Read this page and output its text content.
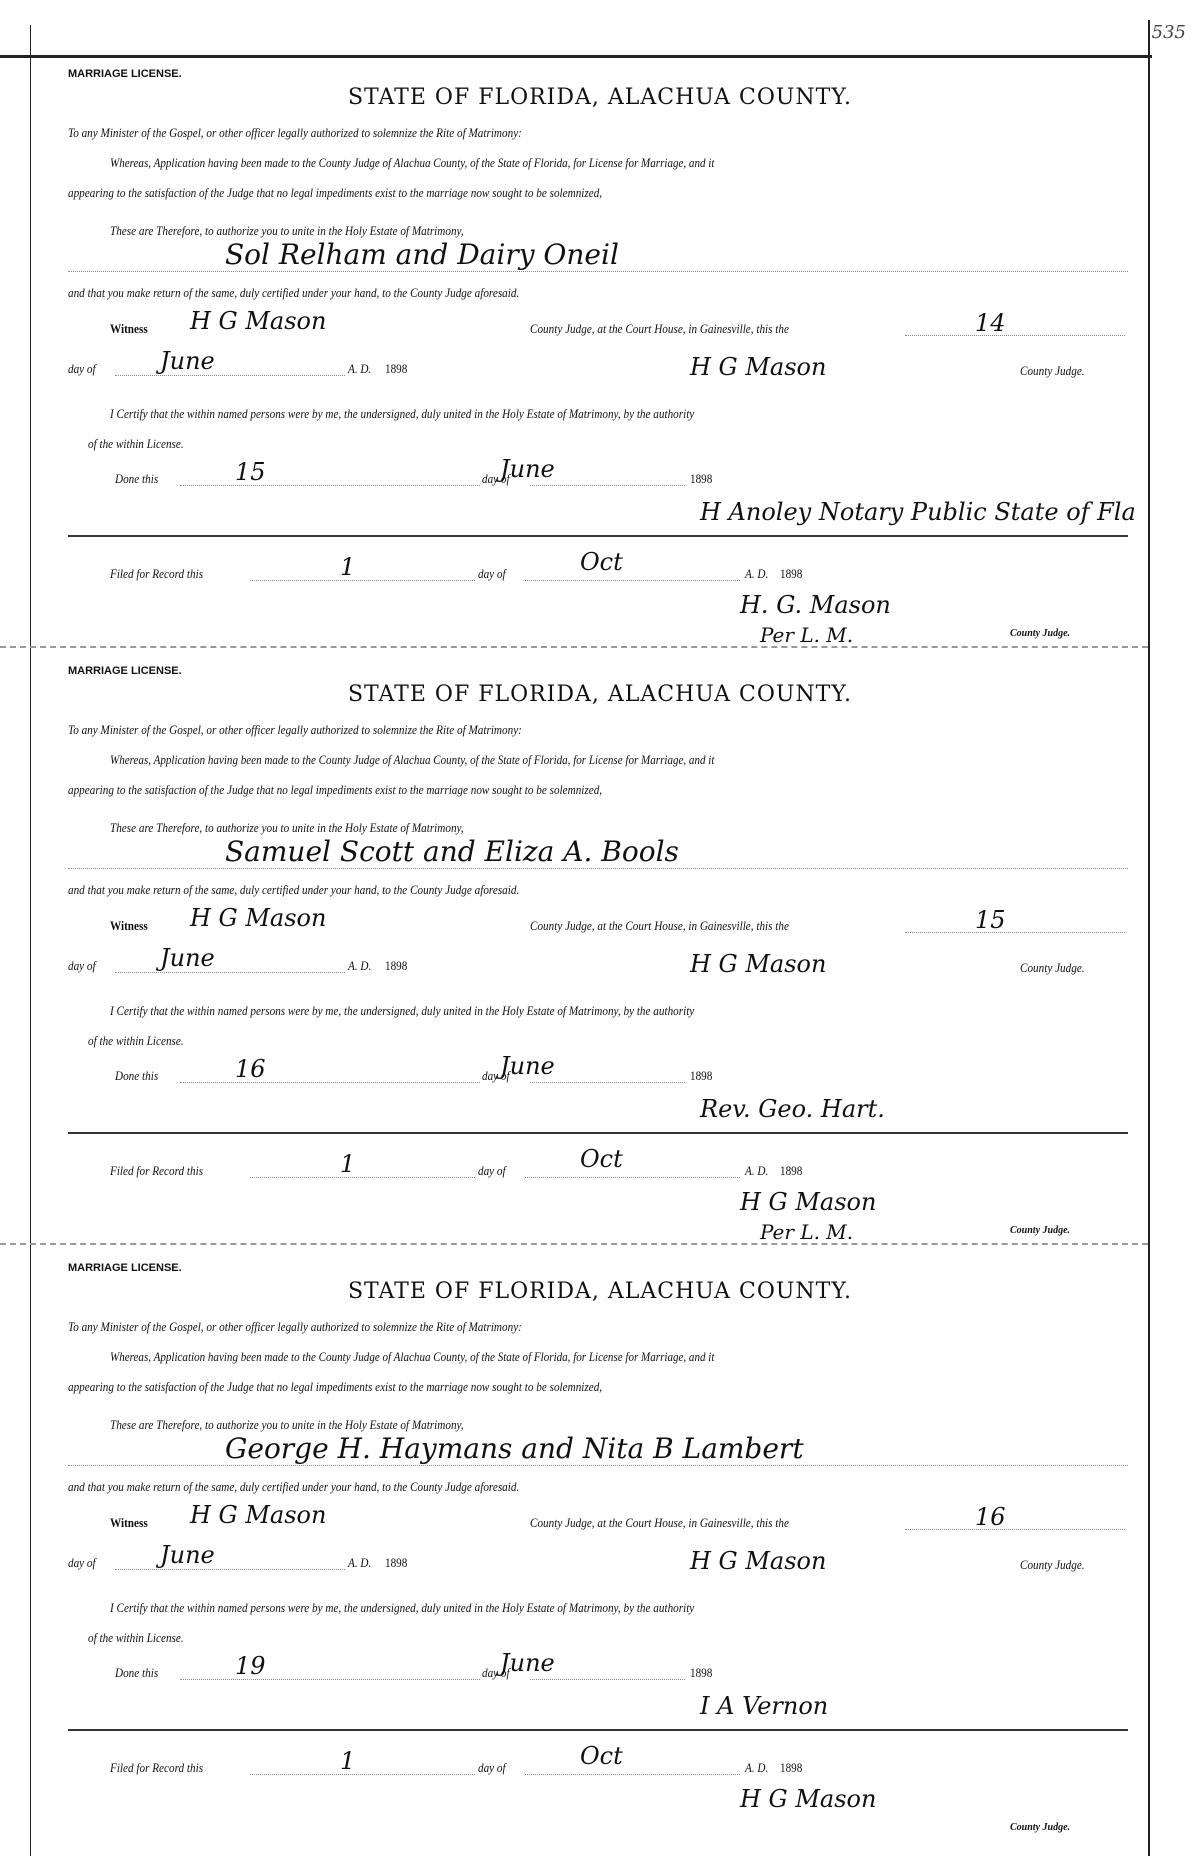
535
MARRIAGE LICENSE.
STATE OF FLORIDA, ALACHUA COUNTY.
To any Minister of the Gospel, or other officer legally authorized to solemnize the Rite of Matrimony:
Whereas, Application having been made to the County Judge of Alachua County, of the State of Florida, for License for Marriage, and it
appearing to the satisfaction of the Judge that no legal impediments exist to the marriage now sought to be solemnized,
These are Therefore, to authorize you to unite in the Holy Estate of Matrimony,
Sol Relham and Dairy Oneil
and that you make return of the same, duly certified under your hand, to the County Judge aforesaid.
Witness H G Mason	County Judge, at the Court House, in Gainesville, this the	14
day of	June	A. D. 1898	H G Mason	County Judge.
I Certify that the within named persons were by me, the undersigned, duly united in the Holy Estate of Matrimony, by the authority
of the within License.
Done this	15	day of
June	1898
H Anoley Notary Public State of Fla
Filed for Record this	1	day of	Oct	A. D. 1898
H. G. Mason
Per L. M.	County Judge.
MARRIAGE LICENSE.
STATE OF FLORIDA, ALACHUA COUNTY.
To any Minister of the Gospel, or other officer legally authorized to solemnize the Rite of Matrimony:
Whereas, Application having been made to the County Judge of Alachua County, of the State of Florida, for License for Marriage, and it
appearing to the satisfaction of the Judge that no legal impediments exist to the marriage now sought to be solemnized,
These are Therefore, to authorize you to unite in the Holy Estate of Matrimony,
Samuel Scott and Eliza A. Bools
and that you make return of the same, duly certified under your hand, to the County Judge aforesaid.
Witness H G Mason	County Judge, at the Court House, in Gainesville, this the	15
day of	June	A. D. 1898	H G Mason	County Judge.
I Certify that the within named persons were by me, the undersigned, duly united in the Holy Estate of Matrimony, by the authority
of the within License.
Done this	16	day of
June	1898
Rev. Geo. Hart.
Filed for Record this	1	day of	Oct	A. D. 1898
H G Mason
Per L. M.	County Judge.
MARRIAGE LICENSE.
STATE OF FLORIDA, ALACHUA COUNTY.
To any Minister of the Gospel, or other officer legally authorized to solemnize the Rite of Matrimony:
Whereas, Application having been made to the County Judge of Alachua County, of the State of Florida, for License for Marriage, and it
appearing to the satisfaction of the Judge that no legal impediments exist to the marriage now sought to be solemnized,
These are Therefore, to authorize you to unite in the Holy Estate of Matrimony,
George H. Haymans and Nita B Lambert
and that you make return of the same, duly certified under your hand, to the County Judge aforesaid.
Witness H G Mason	County Judge, at the Court House, in Gainesville, this the	16
day of	June	A. D. 1898	H G Mason	County Judge.
I Certify that the within named persons were by me, the undersigned, duly united in the Holy Estate of Matrimony, by the authority
of the within License.
Done this	19	day of
June	1898
I A Vernon
Filed for Record this	1	day of	Oct	A. D. 1898
H G Mason
County Judge.
